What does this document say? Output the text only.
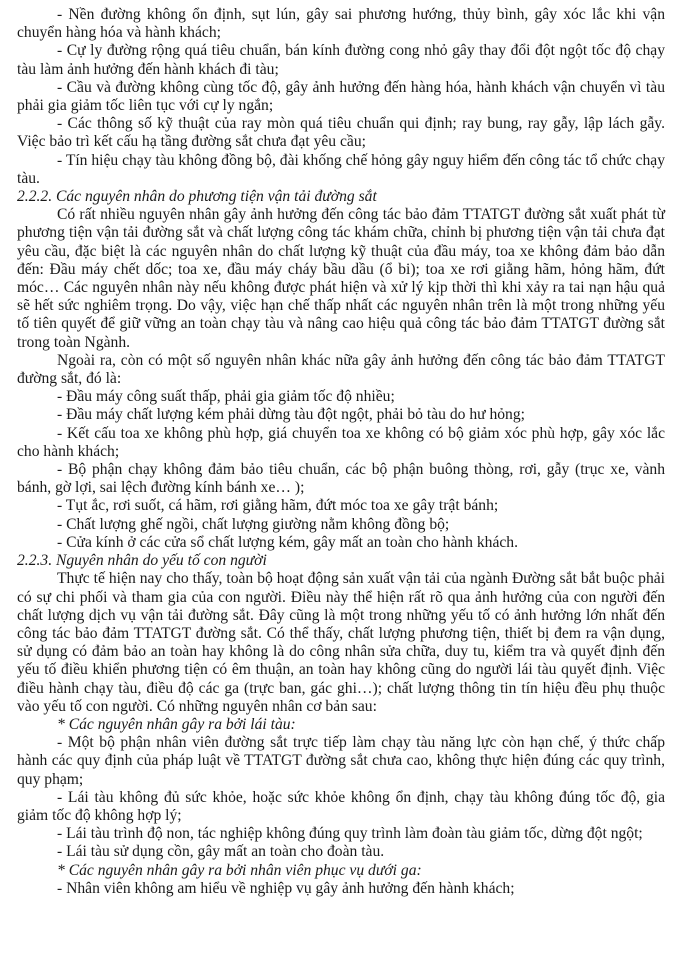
- Nền đường không ổn định, sụt lún, gây sai phương hướng, thủy bình, gây xóc lắc khi vận chuyển hàng hóa và hành khách;

- Cự ly đường rộng quá tiêu chuẩn, bán kính đường cong nhỏ gây thay đổi đột ngột tốc độ chạy tàu làm ảnh hưởng đến hành khách đi tàu;

- Cầu và đường không cùng tốc độ, gây ảnh hưởng đến hàng hóa, hành khách vận chuyển vì tàu phải gia giảm tốc liên tục với cự ly ngắn;

- Các thông số kỹ thuật của ray mòn quá tiêu chuẩn qui định; ray bung, ray gẫy, lập lách gẫy. Việc bảo trì kết cấu hạ tầng đường sắt chưa đạt yêu cầu;

- Tín hiệu chạy tàu không đồng bộ, đài khống chế hỏng gây nguy hiểm đến công tác tổ chức chạy tàu.

2.2.2. Các nguyên nhân do phương tiện vận tải đường sắt

Có rất nhiều nguyên nhân gây ảnh hưởng đến công tác bảo đảm TTATGT đường sắt xuất phát từ phương tiện vận tải đường sắt và chất lượng công tác khám chữa, chỉnh bị phương tiện vận tải chưa đạt yêu cầu, đặc biệt là các nguyên nhân do chất lượng kỹ thuật của đầu máy, toa xe không đảm bảo dẫn đến: Đầu máy chết dốc; toa xe, đầu máy cháy bầu dầu (ổ bi); toa xe rơi giằng hãm, hỏng hãm, đứt móc… Các nguyên nhân này nếu không được phát hiện và xử lý kịp thời thì khi xảy ra tai nạn hậu quả sẽ hết sức nghiêm trọng. Do vậy, việc hạn chế thấp nhất các nguyên nhân trên là một trong những yếu tố tiên quyết để giữ vững an toàn chạy tàu và nâng cao hiệu quả công tác bảo đảm TTATGT đường sắt trong toàn Ngành.

Ngoài ra, còn có một số nguyên nhân khác nữa gây ảnh hưởng đến công tác bảo đảm TTATGT đường sắt, đó là:

- Đầu máy công suất thấp, phải gia giảm tốc độ nhiều;

- Đầu máy chất lượng kém phải dừng tàu đột ngột, phải bỏ tàu do hư hỏng;

- Kết cấu toa xe không phù hợp, giá chuyển toa xe không có bộ giảm xóc phù hợp, gây xóc lắc cho hành khách;

- Bộ phận chạy không đảm bảo tiêu chuẩn, các bộ phận buông thòng, rơi, gẫy (trục xe, vành bánh, gờ lợi, sai lệch đường kính bánh xe… );

- Tụt ắc, rơi suốt, cá hãm, rơi giằng hãm, đứt móc toa xe gây trật bánh;

- Chất lượng ghế ngồi, chất lượng giường nằm không đồng bộ;

- Cửa kính ở các cửa sổ chất lượng kém, gây mất an toàn cho hành khách.

2.2.3. Nguyên nhân do yếu tố con người

Thực tế hiện nay cho thấy, toàn bộ hoạt động sản xuất vận tải của ngành Đường sắt bắt buộc phải có sự chi phối và tham gia của con người. Điều này thể hiện rất rõ qua ảnh hưởng của con người đến chất lượng dịch vụ vận tải đường sắt. Đây cũng là một trong những yếu tố có ảnh hưởng lớn nhất đến công tác bảo đảm TTATGT đường sắt. Có thể thấy, chất lượng phương tiện, thiết bị đem ra vận dụng, sử dụng có đảm bảo an toàn hay không là do công nhân sửa chữa, duy tu, kiểm tra và quyết định đến yếu tố điều khiển phương tiện có êm thuận, an toàn hay không cũng do người lái tàu quyết định. Việc điều hành chạy tàu, điều độ các ga (trực ban, gác ghi…); chất lượng thông tin tín hiệu đều phụ thuộc vào yếu tố con người. Có những nguyên nhân cơ bản sau:

* Các nguyên nhân gây ra bởi lái tàu:

- Một bộ phận nhân viên đường sắt trực tiếp làm chạy tàu năng lực còn hạn chế, ý thức chấp hành các quy định của pháp luật về TTATGT đường sắt chưa cao, không thực hiện đúng các quy trình, quy phạm;

- Lái tàu không đủ sức khỏe, hoặc sức khỏe không ổn định, chạy tàu không đúng tốc độ, gia giảm tốc độ không hợp lý;

- Lái tàu trình độ non, tác nghiệp không đúng quy trình làm đoàn tàu giảm tốc, dừng đột ngột;

- Lái tàu sử dụng cồn, gây mất an toàn cho đoàn tàu.

* Các nguyên nhân gây ra bởi nhân viên phục vụ dưới ga:

- Nhân viên không am hiểu về nghiệp vụ gây ảnh hưởng đến hành khách;
